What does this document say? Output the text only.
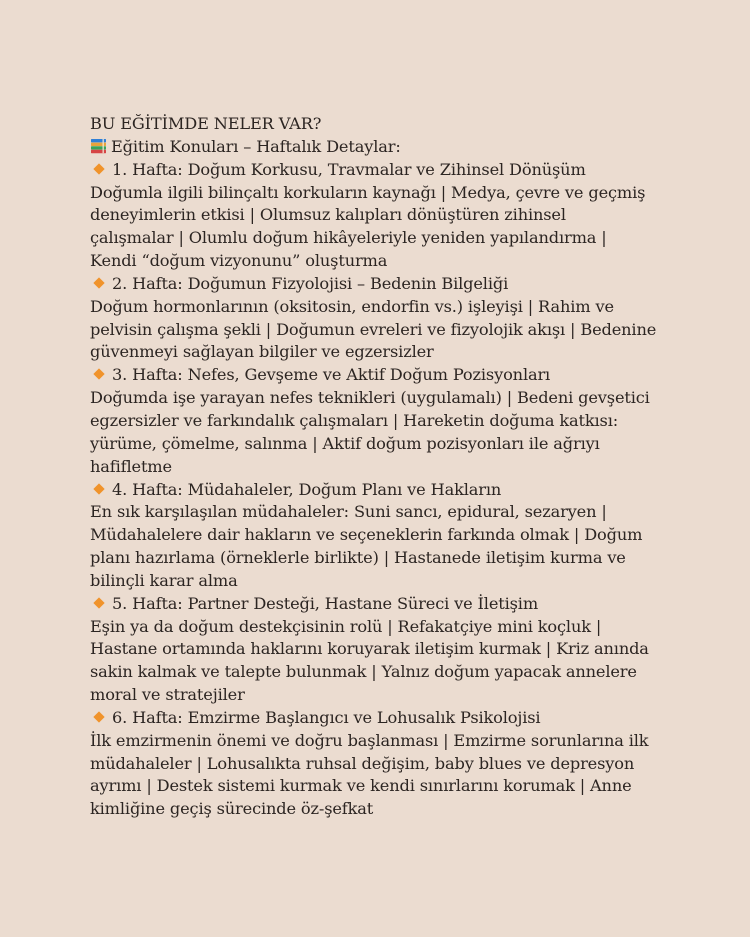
BU EĞİTİMDE NELER VAR?
Eğitim Konuları – Haftalık Detaylar:
1. Hafta: Doğum Korkusu, Travmalar ve Zihinsel Dönüşüm
Doğumla ilgili bilinçaltı korkuların kaynağı | Medya, çevre ve geçmiş
deneyimlerin etkisi | Olumsuz kalıpları dönüştüren zihinsel
çalışmalar | Olumlu doğum hikâyeleriyle yeniden yapılandırma |
Kendi “doğum vizyonunu” oluşturma
2. Hafta: Doğumun Fizyolojisi – Bedenin Bilgeliği
Doğum hormonlarının (oksitosin, endorfin vs.) işleyişi | Rahim ve
pelvisin çalışma şekli | Doğumun evreleri ve fizyolojik akışı | Bedenine
güvenmeyi sağlayan bilgiler ve egzersizler
3. Hafta: Nefes, Gevşeme ve Aktif Doğum Pozisyonları
Doğumda işe yarayan nefes teknikleri (uygulamalı) | Bedeni gevşetici
egzersizler ve farkındalık çalışmaları | Hareketin doğuma katkısı:
yürüme, çömelme, salınma | Aktif doğum pozisyonları ile ağrıyı
hafifletme
4. Hafta: Müdahaleler, Doğum Planı ve Hakların
En sık karşılaşılan müdahaleler: Suni sancı, epidural, sezaryen |
Müdahalelere dair hakların ve seçeneklerin farkında olmak | Doğum
planı hazırlama (örneklerle birlikte) | Hastanede iletişim kurma ve
bilinçli karar alma
5. Hafta: Partner Desteği, Hastane Süreci ve İletişim
Eşin ya da doğum destekçisinin rolü | Refakatçiye mini koçluk |
Hastane ortamında haklarını koruyarak iletişim kurmak | Kriz anında
sakin kalmak ve talepte bulunmak | Yalnız doğum yapacak annelere
moral ve stratejiler
6. Hafta: Emzirme Başlangıcı ve Lohusalık Psikolojisi
İlk emzirmenin önemi ve doğru başlanması | Emzirme sorunlarına ilk
müdahaleler | Lohusalıkta ruhsal değişim, baby blues ve depresyon
ayrımı | Destek sistemi kurmak ve kendi sınırlarını korumak | Anne
kimliğine geçiş sürecinde öz-şefkat
